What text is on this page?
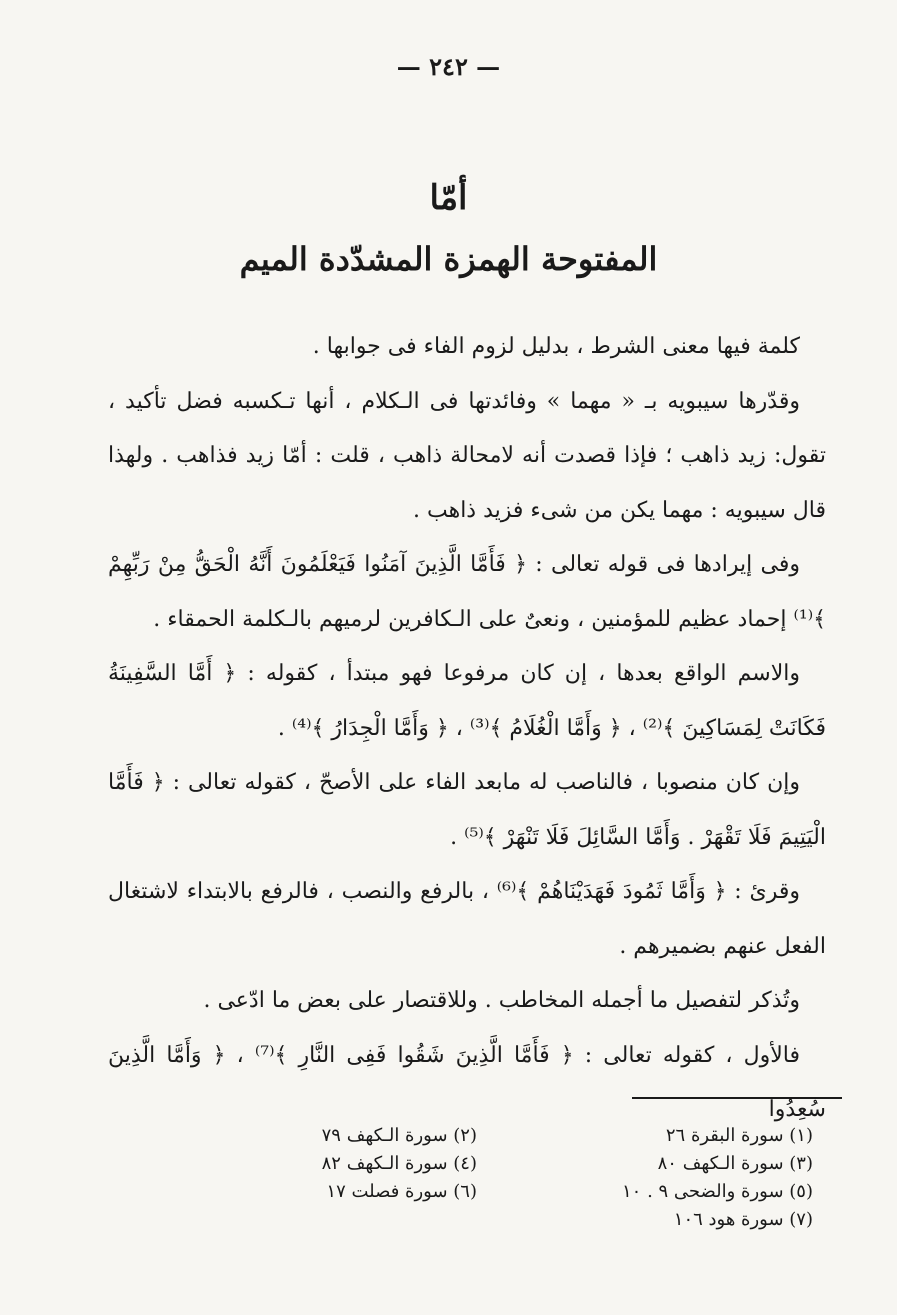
— ٢٤٢ —
أمّا
المفتوحة الهمزة المشدّدة الميم

كلمة فيها معنى الشرط ، بدليل لزوم الفاء فى جوابها .

وقدّرها سيبويه بـ « مهما » وفائدتها فى الـكلام ، أنها تـكسبه فضل تأكيد ، تقول: زيد ذاهب ؛ فإذا قصدت أنه لامحالة ذاهب ، قلت : أمّا زيد فذاهب . ولهذا قال سيبويه : مهما يكن من شىء فزيد ذاهب .

وفى إيرادها فى قوله تعالى : ﴿ فَأَمَّا الَّذِينَ آمَنُوا فَيَعْلَمُونَ أَنَّهُ الْحَقُّ مِنْ رَبِّهِمْ ﴾⁽¹⁾ إحماد عظيم للمؤمنين ، ونعىٌ على الـكافرين لرميهم بالـكلمة الحمقاء .

والاسم الواقع بعدها ، إن كان مرفوعا فهو مبتدأ ، كقوله : ﴿ أَمَّا السَّفِينَةُ فَكَانَتْ لِمَسَاكِينَ ﴾⁽²⁾ ، ﴿ وَأَمَّا الْغُلَامُ ﴾⁽³⁾ ، ﴿ وَأَمَّا الْجِدَارُ ﴾⁽⁴⁾ .

وإن كان منصوبا ، فالناصب له مابعد الفاء على الأصحّ ، كقوله تعالى : ﴿ فَأَمَّا الْيَتِيمَ فَلَا تَقْهَرْ . وَأَمَّا السَّائِلَ فَلَا تَنْهَرْ ﴾⁽⁵⁾ .

وقرئ : ﴿ وَأَمَّا ثَمُودَ فَهَدَيْنَاهُمْ ﴾⁽⁶⁾ ، بالرفع والنصب ، فالرفع بالابتداء لاشتغال الفعل عنهم بضميرهم .

وتُذكر لتفصيل ما أجمله المخاطب . وللاقتصار على بعض ما ادّعى .

فالأول ، كقوله تعالى : ﴿ فَأَمَّا الَّذِينَ شَقُوا فَفِى النَّارِ ﴾⁽⁷⁾ ، ﴿ وَأَمَّا الَّذِينَ سُعِدُوا

(١) سورة البقرة ٢٦
(٣) سورة الـكهف ٨٠
(٥) سورة والضحى ٩ . ١٠
(٧) سورة هود ١٠٦
(٢) سورة الـكهف ٧٩
(٤) سورة الـكهف ٨٢
(٦) سورة فصلت ١٧
